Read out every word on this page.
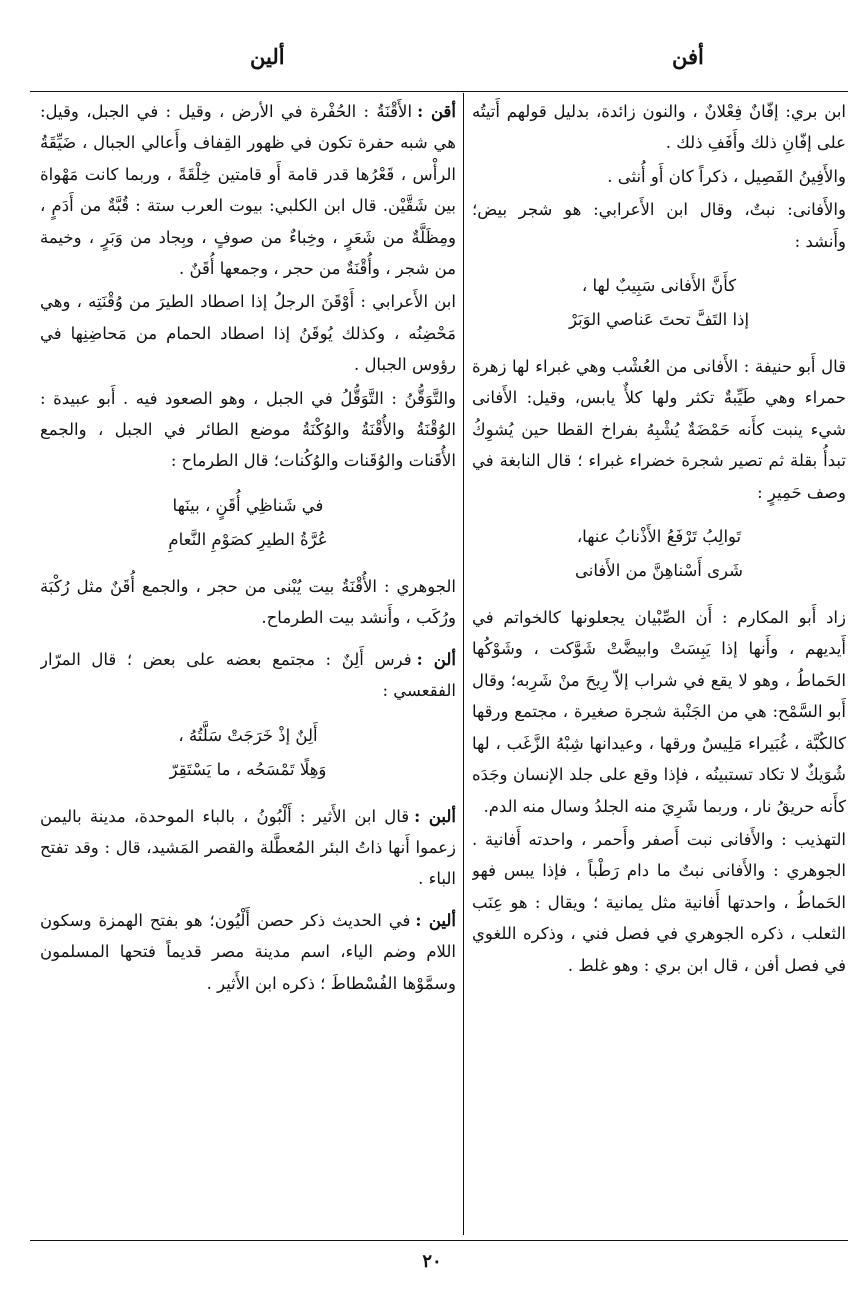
ألين	أفن

أقن :الأَقْنَةُ : الحُفْرة في الأرض ، وقيل : في الجبل، وقيل: هي شبه حفرة تكون في ظهور القِفاف وأَعالي الجبال ، ضَيِّقَةُ الرأْس ، قَعْرُها قدر قامة أَو قامتين خِلْقَةً ، وربما كانت مَهْواة بين شَقَّيْن. قال ابن الكلبي: بيوت العرب ستة : قُبَّةٌ من أَدَمٍ ، ومِظَلَّةٌ من شَعَرٍ ، وخِباءٌ من صوفٍ ، وبِجاد من وَبَرٍ ، وخيمة من شجر ، وأُقْنَةٌ من حجر ، وجمعها أُقَنٌ .

ابن الأَعرابي : أَوْقَنَ الرجلُ إذا اصطاد الطيرَ من وُقْنَتِه ، وهي مَحْضِنُه ، وكذلك يُوقَنُ إذا اصطاد الحمام من مَحاضِنِها في رؤوس الجبال .

والتَّوَقُّنُ : التَّوَقُّلُ في الجبل ، وهو الصعود فيه . أَبو عبيدة : الوُقْنَةُ والأُقْنَةُ والوُكْنَةُ موضع الطائر في الجبل ، والجمع الأُقَنات والوُقَنات والوُكُنات؛ قال الطرماح :

في شَناظِي أُقَنٍ ، بينَها
عُرَّةُ الطيرِ كصَوْمِ النَّعامِ

الجوهري : الأُقْنَةُ بيت يُبْنى من حجر ، والجمع أُقَنٌ مثل رُكْبَة ورُكَب ، وأَنشد بيت الطرماح.

ألن :فرس أَلِنٌ : مجتمع بعضه على بعض ؛ قال المرّار الفقعسي :

أَلِنٌ إذْ خَرَجَتْ سَلَّتُهُ ،
وَهِلًا تَمْسَحُه ، ما يَسْتَقِرّ

ألبن :قال ابن الأَثير : أَلْبُونُ ، بالباء الموحدة، مدينة باليمن زعموا أَنها ذاتُ البئر المُعطَّلة والقصر المَشيد، قال : وقد تفتح الباء .

ألين :في الحديث ذكر حصن أَلْيُون؛ هو بفتح الهمزة وسكون اللام وضم الياء، اسم مدينة مصر قديماً فتحها المسلمون وسمَّوْها الفُسْطاطَ ؛ ذكره ابن الأَثير .

ابن بري: إفّانٌ فِعْلانٌ ، والنون زائدة، بدليل قولهم أَتيتُه على إفّانِ ذلك وأَفَفِ ذلك .

والأَفِينُ الفَصِيل ، ذكراً كان أَو أُنثى .

والأَفانى: نبتٌ، وقال ابن الأَعرابي: هو شجر بيض؛ وأَنشد :

كأَنَّ الأَفانى سَبِيبٌ لها ،
إذا التَفَّ تحتَ عَناصي الوَبَرْ

قال أَبو حنيفة : الأَفانى من العُشْب وهي غبراء لها زهرة حمراء وهي طَيِّبةٌ تكثر ولها كلأٌ يابس، وقيل: الأَفانى شيء ينبت كأَنه حَمْضَةٌ يُشْبِهُ بفراخ القطا حين يُشوِكُ تبدأُ بقلة ثم تصير شجرة خضراء غبراء ؛ قال النابغة في وصف حَمِيرٍ :

تَوالِبُ تَرْفَعُ الأَذْنابُ عنها،
شَرى أَسْناهِنَّ من الأَفانى

زاد أَبو المكارم : أَن الصِّبْيان يجعلونها كالخواتم في أَيديهم ، وأَنها إذا يَبِسَتْ وابيضَّتْ شَوَّكت ، وشَوْكُها الحَماطُ ، وهو لا يقع في شراب إلاّ رِيحَ منْ شَرِبه؛ وقال أَبو السَّمْح: هي من الجَنْبة شجرة صغيرة ، مجتمع ورقها كالكُبَّة ، غُبَيراء مَلِيسٌ ورقها ، وعيدانها شِبْهُ الزَّغَب ، لها شُوَيكٌ لا تكاد تستبينُه ، فإذا وقع على جلد الإنسان وجَدَه كأَنه حريقُ نار ، وربما شَرِيَ منه الجلدُ وسال منه الدم.

التهذيب : والأَفانى نبت أَصفر وأَحمر ، واحدته أَفانية . الجوهري : والأَفانى نبتٌ ما دام رَطْباً ، فإذا يبس فهو الحَماطُ ، واحدتها أَفانية مثل يمانية ؛ ويقال : هو عِنَب الثعلب ، ذكره الجوهري في فصل فني ، وذكره اللغوي في فصل أفن ، قال ابن بري : وهو غلط .

٢٠
